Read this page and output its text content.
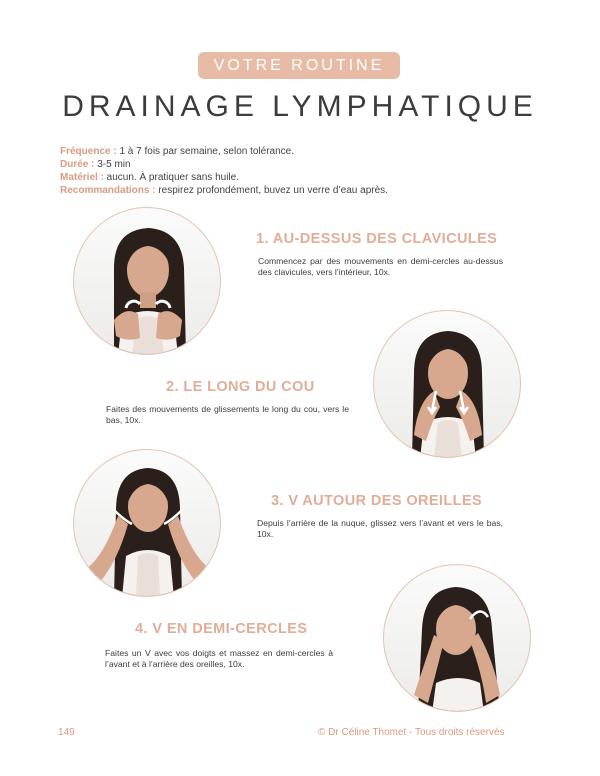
VOTRE ROUTINE
DRAINAGE LYMPHATIQUE
Fréquence : 1 à 7 fois par semaine, selon tolérance.
Durée : 3-5 min
Matériel : aucun. À pratiquer sans huile.
Recommandations : respirez profondément, buvez un verre d’eau après.
1. AU-DESSUS DES CLAVICULES
Commencez par des mouvements en demi-cercles au-dessus des clavicules, vers l’intérieur, 10x.
2. LE LONG DU COU
Faites des mouvements de glissements le long du cou, vers le bas, 10x.
3. V AUTOUR DES OREILLES
Depuis l’arrière de la nuque, glissez vers l’avant et vers le bas, 10x.
4. V EN DEMI-CERCLES
Faites un V avec vos doigts et massez en demi-cercles à l’avant et à l’arrière des oreilles, 10x.
149	© Dr Céline Thomet - Tous droits réservés
